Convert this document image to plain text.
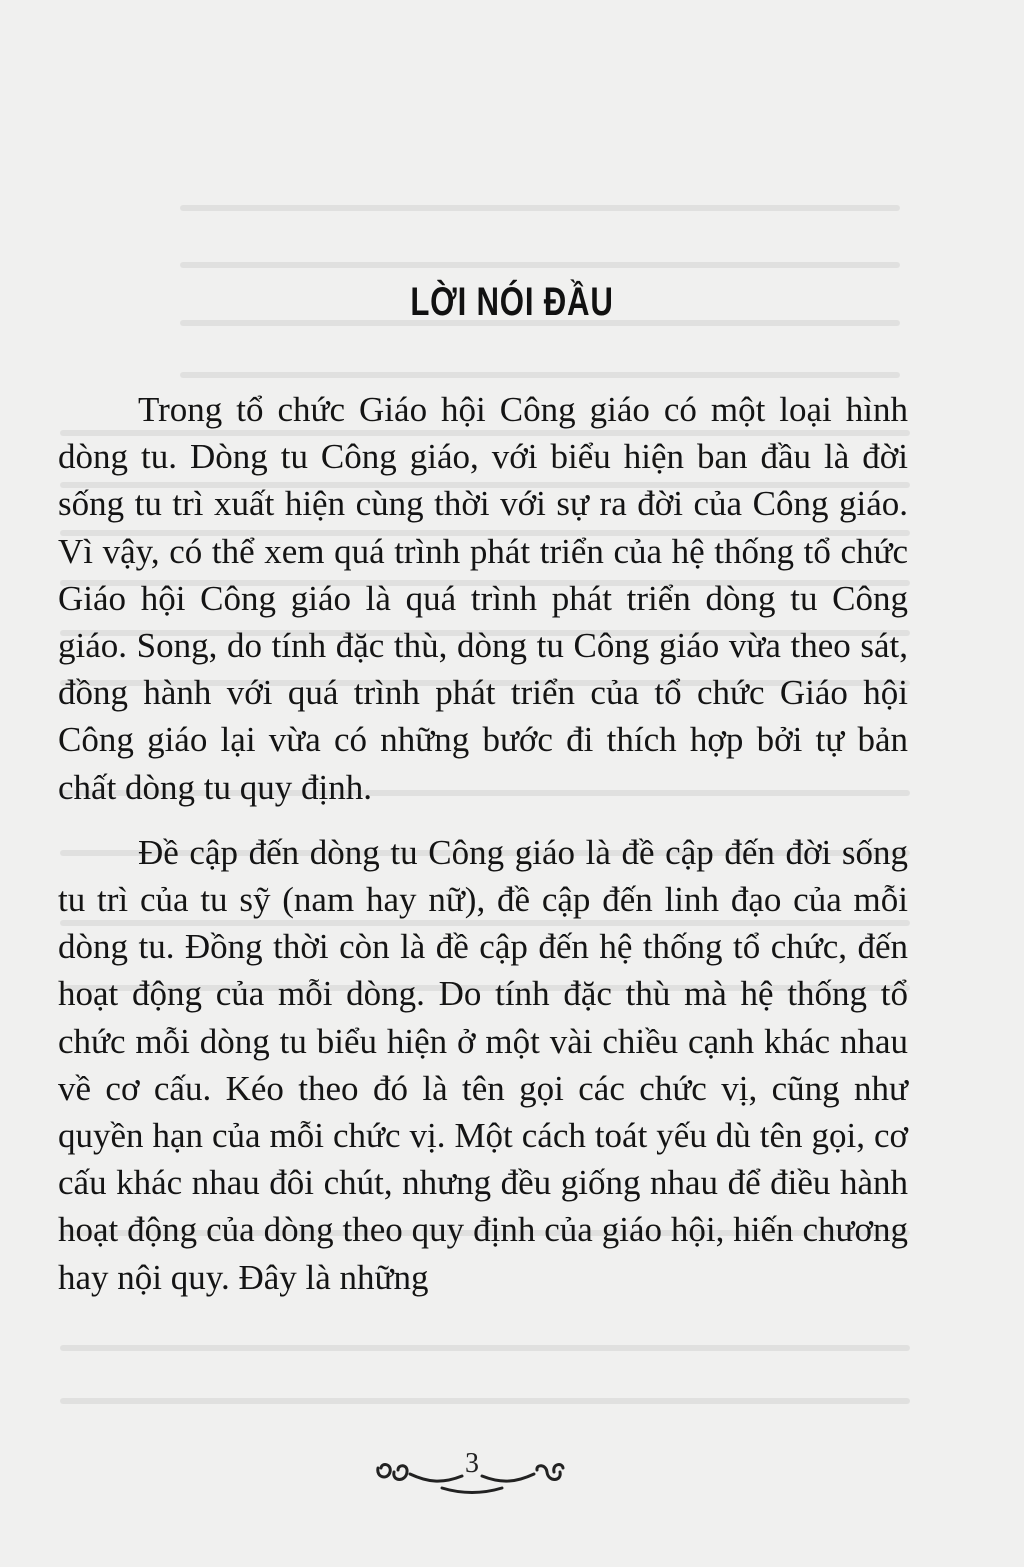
LỜI NÓI ĐẦU

Trong tổ chức Giáo hội Công giáo có một loại hình dòng tu. Dòng tu Công giáo, với biểu hiện ban đầu là đời sống tu trì xuất hiện cùng thời với sự ra đời của Công giáo. Vì vậy, có thể xem quá trình phát triển của hệ thống tổ chức Giáo hội Công giáo là quá trình phát triển dòng tu Công giáo. Song, do tính đặc thù, dòng tu Công giáo vừa theo sát, đồng hành với quá trình phát triển của tổ chức Giáo hội Công giáo lại vừa có những bước đi thích hợp bởi tự bản chất dòng tu quy định.

Đề cập đến dòng tu Công giáo là đề cập đến đời sống tu trì của tu sỹ (nam hay nữ), đề cập đến linh đạo của mỗi dòng tu. Đồng thời còn là đề cập đến hệ thống tổ chức, đến hoạt động của mỗi dòng. Do tính đặc thù mà hệ thống tổ chức mỗi dòng tu biểu hiện ở một vài chiều cạnh khác nhau về cơ cấu. Kéo theo đó là tên gọi các chức vị, cũng như quyền hạn của mỗi chức vị. Một cách toát yếu dù tên gọi, cơ cấu khác nhau đôi chút, nhưng đều giống nhau để điều hành hoạt động của dòng theo quy định của giáo hội, hiến chương hay nội quy. Đây là những

3
